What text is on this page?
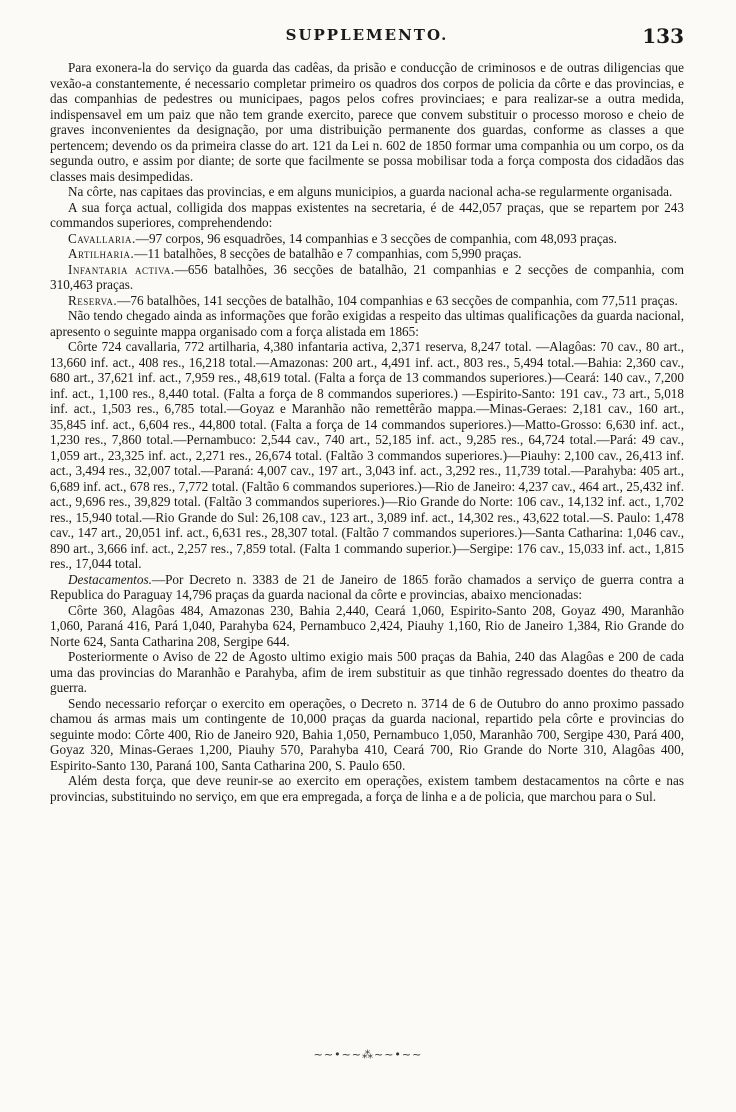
SUPPLEMENTO.	133

Para exonera-la do serviço da guarda das cadêas, da prisão e conducção de criminosos e de outras diligencias que vexão-a constantemente, é necessario completar primeiro os quadros dos corpos de policia da côrte e das provincias, e das companhias de pedestres ou municipaes, pagos pelos cofres provinciaes; e para realizar-se a outra medida, indispensavel em um paiz que não tem grande exercito, parece que convem substituir o processo moroso e cheio de graves inconvenientes da designação, por uma distribuição permanente dos guardas, conforme as classes a que pertencem; devendo os da primeira classe do art. 121 da Lei n. 602 de 1850 formar uma companhia ou um corpo, os da segunda outro, e assim por diante; de sorte que facilmente se possa mobilisar toda a força composta dos cidadãos das classes mais desimpedidas.

Na côrte, nas capitaes das provincias, e em alguns municipios, a guarda nacional acha-se regularmente organisada.

A sua força actual, colligida dos mappas existentes na secretaria, é de 442,057 praças, que se repartem por 243 commandos superiores, comprehendendo:

Cavallaria.—97 corpos, 96 esquadrões, 14 companhias e 3 secções de companhia, com 48,093 praças.

Artilharia.—11 batalhões, 8 secções de batalhão e 7 companhias, com 5,990 praças.

Infantaria activa.—656 batalhões, 36 secções de batalhão, 21 companhias e 2 secções de companhia, com 310,463 praças.

Reserva.—76 batalhões, 141 secções de batalhão, 104 companhias e 63 secções de companhia, com 77,511 praças.

Não tendo chegado ainda as informações que forão exigidas a respeito das ultimas qualificações da guarda nacional, apresento o seguinte mappa organisado com a força alistada em 1865:

Côrte 724 cavallaria, 772 artilharia, 4,380 infantaria activa, 2,371 reserva, 8,247 total. —Alagôas: 70 cav., 80 art., 13,660 inf. act., 408 res., 16,218 total.—Amazonas: 200 art., 4,491 inf. act., 803 res., 5,494 total.—Bahia: 2,360 cav., 680 art., 37,621 inf. act., 7,959 res., 48,619 total. (Falta a força de 13 commandos superiores.)—Ceará: 140 cav., 7,200 inf. act., 1,100 res., 8,440 total. (Falta a força de 8 commandos superiores.) —Espirito-Santo: 191 cav., 73 art., 5,018 inf. act., 1,503 res., 6,785 total.—Goyaz e Maranhão não remettêrão mappa.—Minas-Geraes: 2,181 cav., 160 art., 35,845 inf. act., 6,604 res., 44,800 total. (Falta a força de 14 commandos superiores.)—Matto-Grosso: 6,630 inf. act., 1,230 res., 7,860 total.—Pernambuco: 2,544 cav., 740 art., 52,185 inf. act., 9,285 res., 64,724 total.—Pará: 49 cav., 1,059 art., 23,325 inf. act., 2,271 res., 26,674 total. (Faltão 3 commandos superiores.)—Piauhy: 2,100 cav., 26,413 inf. act., 3,494 res., 32,007 total.—Paraná: 4,007 cav., 197 art., 3,043 inf. act., 3,292 res., 11,739 total.—Parahyba: 405 art., 6,689 inf. act., 678 res., 7,772 total. (Faltão 6 commandos superiores.)—Rio de Janeiro: 4,237 cav., 464 art., 25,432 inf. act., 9,696 res., 39,829 total. (Faltão 3 commandos superiores.)—Rio Grande do Norte: 106 cav., 14,132 inf. act., 1,702 res., 15,940 total.—Rio Grande do Sul: 26,108 cav., 123 art., 3,089 inf. act., 14,302 res., 43,622 total.—S. Paulo: 1,478 cav., 147 art., 20,051 inf. act., 6,631 res., 28,307 total. (Faltão 7 commandos superiores.)—Santa Catharina: 1,046 cav., 890 art., 3,666 inf. act., 2,257 res., 7,859 total. (Falta 1 commando superior.)—Sergipe: 176 cav., 15,033 inf. act., 1,815 res., 17,044 total.

Destacamentos.—Por Decreto n. 3383 de 21 de Janeiro de 1865 forão chamados a serviço de guerra contra a Republica do Paraguay 14,796 praças da guarda nacional da côrte e provincias, abaixo mencionadas:

Côrte 360, Alagôas 484, Amazonas 230, Bahia 2,440, Ceará 1,060, Espirito-Santo 208, Goyaz 490, Maranhão 1,060, Paraná 416, Pará 1,040, Parahyba 624, Pernambuco 2,424, Piauhy 1,160, Rio de Janeiro 1,384, Rio Grande do Norte 624, Santa Catharina 208, Sergipe 644.

Posteriormente o Aviso de 22 de Agosto ultimo exigio mais 500 praças da Bahia, 240 das Alagôas e 200 de cada uma das provincias do Maranhão e Parahyba, afim de irem substituir as que tinhão regressado doentes do theatro da guerra.

Sendo necessario reforçar o exercito em operações, o Decreto n. 3714 de 6 de Outubro do anno proximo passado chamou ás armas mais um contingente de 10,000 praças da guarda nacional, repartido pela côrte e provincias do seguinte modo: Côrte 400, Rio de Janeiro 920, Bahia 1,050, Pernambuco 1,050, Maranhão 700, Sergipe 430, Pará 400, Goyaz 320, Minas-Geraes 1,200, Piauhy 570, Parahyba 410, Ceará 700, Rio Grande do Norte 310, Alagôas 400, Espirito-Santo 130, Paraná 100, Santa Catharina 200, S. Paulo 650.

Além desta força, que deve reunir-se ao exercito em operações, existem tambem destacamentos na côrte e nas provincias, substituindo no serviço, em que era empregada, a força de linha e a de policia, que marchou para o Sul.

~~•~~⁂~~•~~
